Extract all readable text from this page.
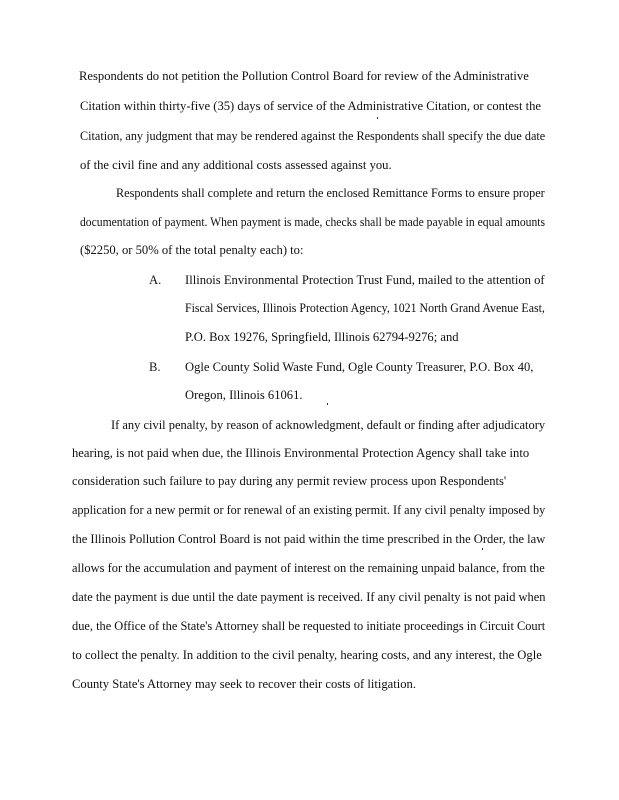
Respondents do not petition the Pollution Control Board for review of the Administrative
Citation within thirty-five (35) days of service of the Administrative Citation, or contest the
Citation, any judgment that may be rendered against the Respondents shall specify the due date
of the civil fine and any additional costs assessed against you.
Respondents shall complete and return the enclosed Remittance Forms to ensure proper
documentation of payment. When payment is made, checks shall be made payable in equal amounts
($2250, or 50% of the total penalty each) to:
A. Illinois Environmental Protection Trust Fund, mailed to the attention of
Fiscal Services, Illinois Protection Agency, 1021 North Grand Avenue East,
P.O. Box 19276, Springfield, Illinois 62794-9276; and
B. Ogle County Solid Waste Fund, Ogle County Treasurer, P.O. Box 40,
Oregon, Illinois 61061.
If any civil penalty, by reason of acknowledgment, default or finding after adjudicatory
hearing, is not paid when due, the Illinois Environmental Protection Agency shall take into
consideration such failure to pay during any permit review process upon Respondents'
application for a new permit or for renewal of an existing permit. If any civil penalty imposed by
the Illinois Pollution Control Board is not paid within the time prescribed in the Order, the law
allows for the accumulation and payment of interest on the remaining unpaid balance, from the
date the payment is due until the date payment is received. If any civil penalty is not paid when
due, the Office of the State's Attorney shall be requested to initiate proceedings in Circuit Court
to collect the penalty. In addition to the civil penalty, hearing costs, and any interest, the Ogle
County State's Attorney may seek to recover their costs of litigation.
